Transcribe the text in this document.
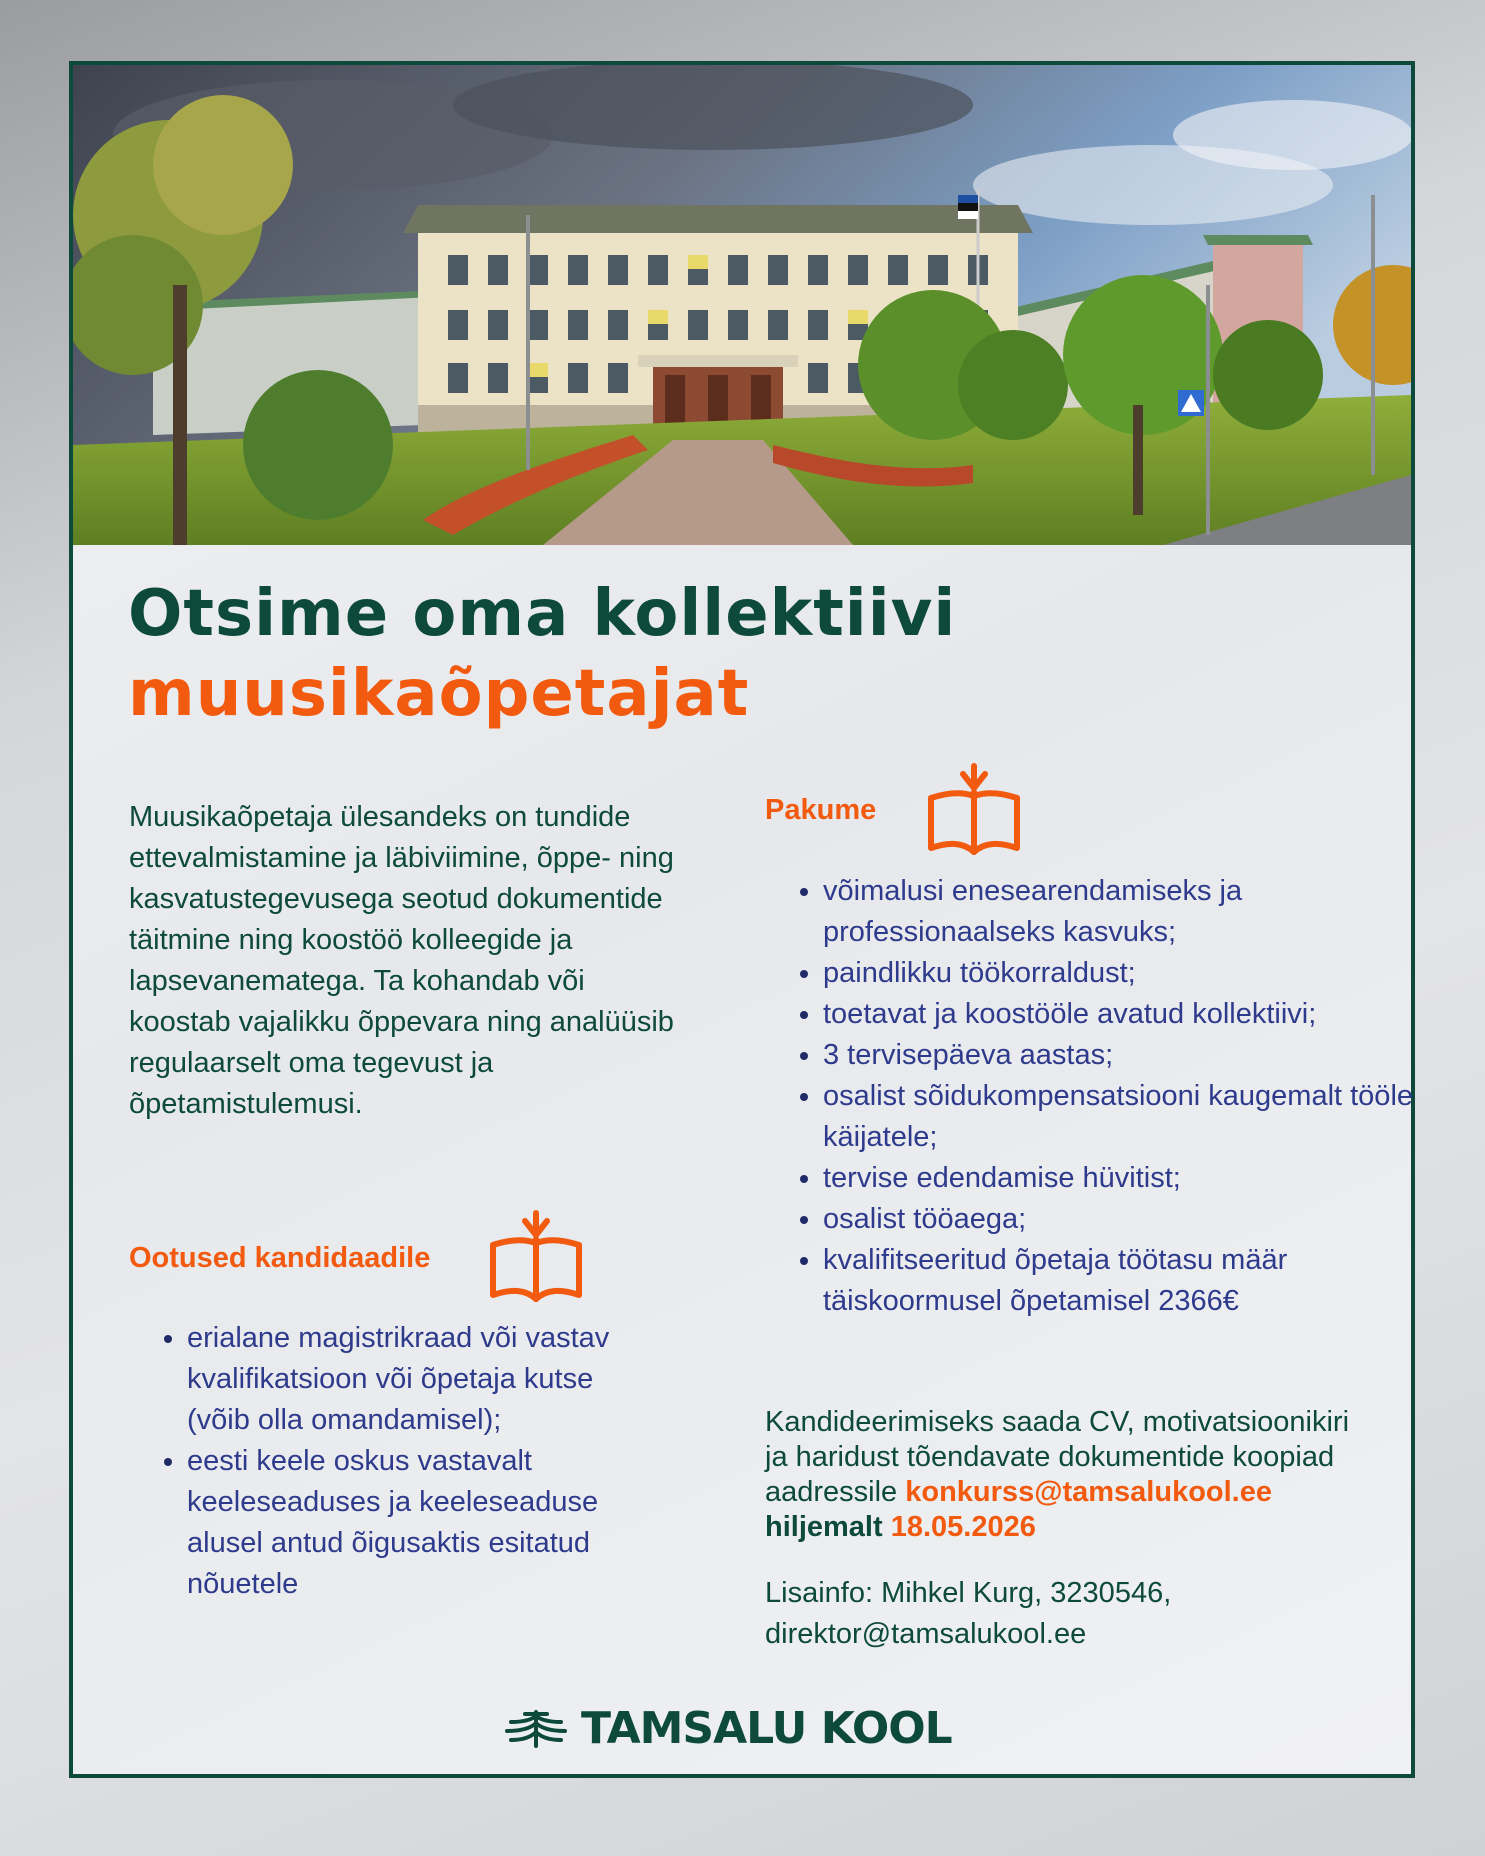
Otsime oma kollektiivi
muusikaõpetajat

Muusikaõpetaja ülesandeks on tundide ettevalmistamine ja läbiviimine, õppe- ning kasvatustegevusega seotud dokumentide täitmine ning koostöö kolleegide ja lapsevanematega. Ta kohandab või koostab vajalikku õppevara ning analüüsib regulaarselt oma tegevust ja õpetamistulemusi.

Ootused kandidaadile
• erialane magistrikraad või vastav kvalifikatsioon või õpetaja kutse (võib olla omandamisel);
• eesti keele oskus vastavalt keeleseaduses ja keeleseaduse alusel antud õigusaktis esitatud nõuetele
Pakume
• võimalusi enesearendamiseks ja professionaalseks kasvuks;
• paindlikku töökorraldust;
• toetavat ja koostööle avatud kollektiivi;
• 3 tervisepäeva aastas;
• osalist sõidukompensatsiooni kaugemalt tööle käijatele;
• tervise edendamise hüvitist;
• osalist tööaega;
• kvalifitseeritud õpetaja töötasu määr täiskoormusel õpetamisel 2366€

Kandideerimiseks saada CV, motivatsioonikiri ja haridust tõendavate dokumentide koopiad aadressile konkurss@tamsalukool.ee hiljemalt 18.05.2026

Lisainfo: Mihkel Kurg, 3230546,
direktor@tamsalukool.ee

TAMSALU KOOL
